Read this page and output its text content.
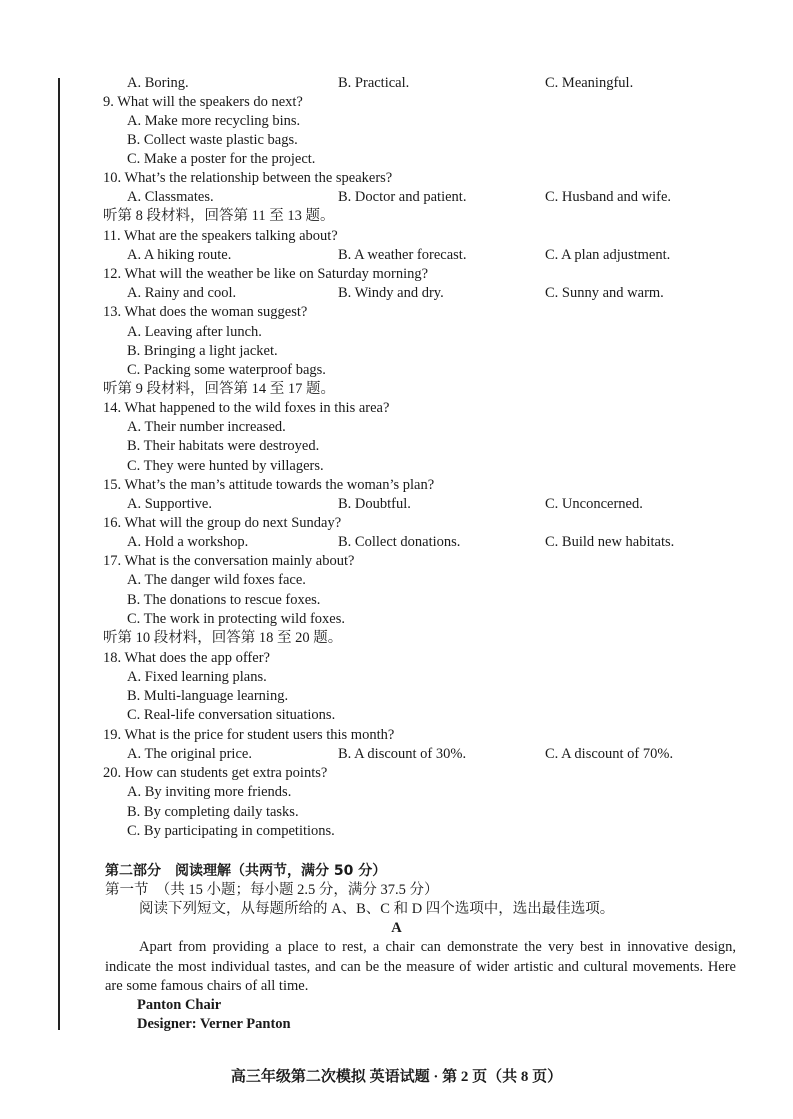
A. Boring.	B. Practical.	C. Meaningful.
9. What will the speakers do next?
A. Make more recycling bins.
B. Collect waste plastic bags.
C. Make a poster for the project.
10. What’s the relationship between the speakers?
A. Classmates.	B. Doctor and patient.	C. Husband and wife.
听第 8 段材料，回答第 11 至 13 题。
11. What are the speakers talking about?
A. A hiking route.	B. A weather forecast.	C. A plan adjustment.
12. What will the weather be like on Saturday morning?
A. Rainy and cool.	B. Windy and dry.	C. Sunny and warm.
13. What does the woman suggest?
A. Leaving after lunch.
B. Bringing a light jacket.
C. Packing some waterproof bags.
听第 9 段材料，回答第 14 至 17 题。
14. What happened to the wild foxes in this area?
A. Their number increased.
B. Their habitats were destroyed.
C. They were hunted by villagers.
15. What’s the man’s attitude towards the woman’s plan?
A. Supportive.	B. Doubtful.	C. Unconcerned.
16. What will the group do next Sunday?
A. Hold a workshop.	B. Collect donations.	C. Build new habitats.
17. What is the conversation mainly about?
A. The danger wild foxes face.
B. The donations to rescue foxes.
C. The work in protecting wild foxes.
听第 10 段材料，回答第 18 至 20 题。
18. What does the app offer?
A. Fixed learning plans.
B. Multi-language learning.
C. Real-life conversation situations.
19. What is the price for student users this month?
A. The original price.	B. A discount of 30%.	C. A discount of 70%.
20. How can students get extra points?
A. By inviting more friends.
B. By completing daily tasks.
C. By participating in competitions.
第二部分　阅读理解（共两节，满分 50 分）
第一节　（共 15 小题；每小题 2.5 分，满分 37.5 分）
阅读下列短文，从每题所给的 A、B、C 和 D 四个选项中，选出最佳选项。
A

Apart from providing a place to rest, a chair can demonstrate the very best in innovative design, indicate the most individual tastes, and can be the measure of wider artistic and cultural movements. Here are some famous chairs of all time.

Panton Chair
Designer: Verner Panton
高三年级第二次模拟 英语试题 · 第 2 页（共 8 页）
